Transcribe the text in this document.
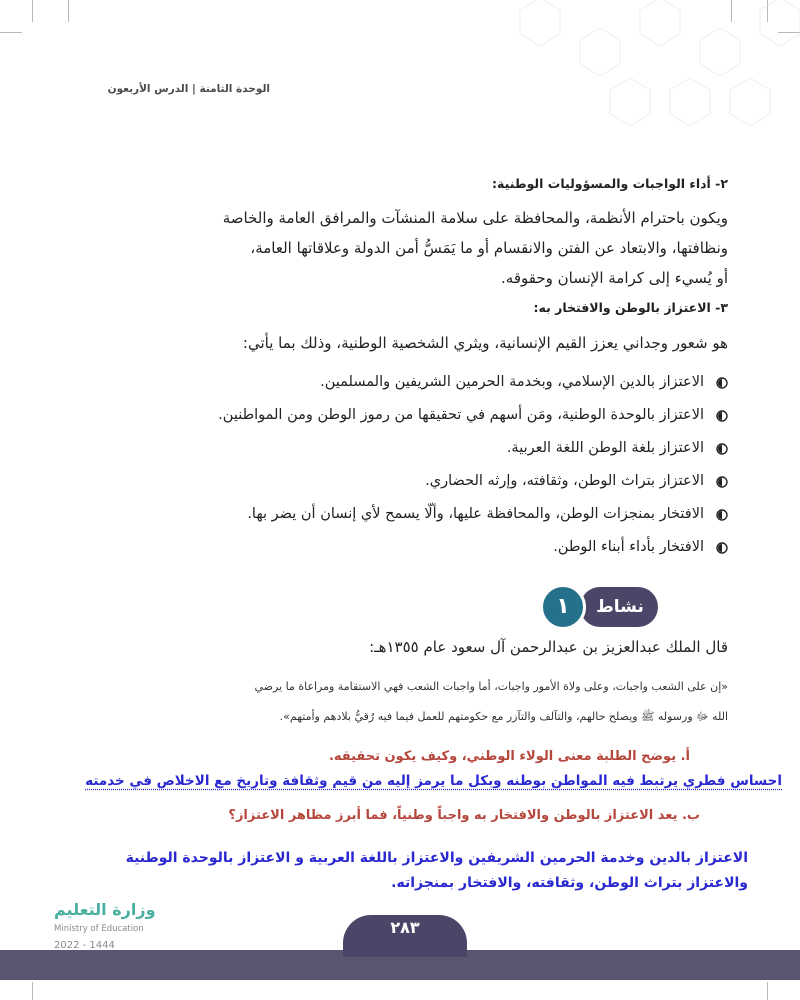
الوحدة الثامنة | الدرس الأربعون
٢- أداء الواجبات والمسؤوليات الوطنية:
ويكون باحترام الأنظمة، والمحافظة على سلامة المنشآت والمرافق العامة والخاصة
ونظافتها، والابتعاد عن الفتن والانقسام أو ما يَمَسُّ أمن الدولة وعلاقاتها العامة،
أو يُسيء إلى كرامة الإنسان وحقوقه.
٣- الاعتزاز بالوطن والافتخار به:
هو شعور وجداني يعزز القيم الإنسانية، ويثري الشخصية الوطنية، وذلك بما يأتي:
الاعتزاز بالدين الإسلامي، وبخدمة الحرمين الشريفين والمسلمين.
الاعتزاز بالوحدة الوطنية، ومَن أسهم في تحقيقها من رموز الوطن ومن المواطنين.
الاعتزاز بلغة الوطن اللغة العربية.
الاعتزاز بتراث الوطن، وثقافته، وإرثه الحضاري.
الافتخار بمنجزات الوطن، والمحافظة عليها، وألّا يسمح لأي إنسان أن يضر بها.
الافتخار بأداء أبناء الوطن.
نشاط
١
قال الملك عبدالعزيز بن عبدالرحمن آل سعود عام ١٣٥٥هـ:
«إن على الشعب واجبات، وعلى ولاة الأمور واجبات، أما واجبات الشعب فهي الاستقامة ومراعاة ما يرضي
الله ﷻ ورسوله ﷺ ويصلح حالهم، والتآلف والتآزر مع حكومتهم للعمل فيما فيه رُقيُّ بلادهم وأمتهم».
أ. يوضح الطلبة معنى الولاء الوطني، وكيف يكون تحقيقه.
احساس فطري يرتبط فيه المواطن بوطنه وبكل ما يرمز إليه من قيم وثقافة وتاريخ مع الاخلاص في خدمته
ب. يعد الاعتزاز بالوطن والافتخار به واجباً وطنياً، فما أبرز مظاهر الاعتزاز؟
الاعتزاز بالدين وخدمة الحرمين الشريفين والاعتزاز باللغة العربية و الاعتزاز بالوحدة الوطنية
والاعتزاز بتراث الوطن، وثقافته، والافتخار بمنجزاته.
٢٨٣
وزارة التعليم
Ministry of Education
2022 - 1444
